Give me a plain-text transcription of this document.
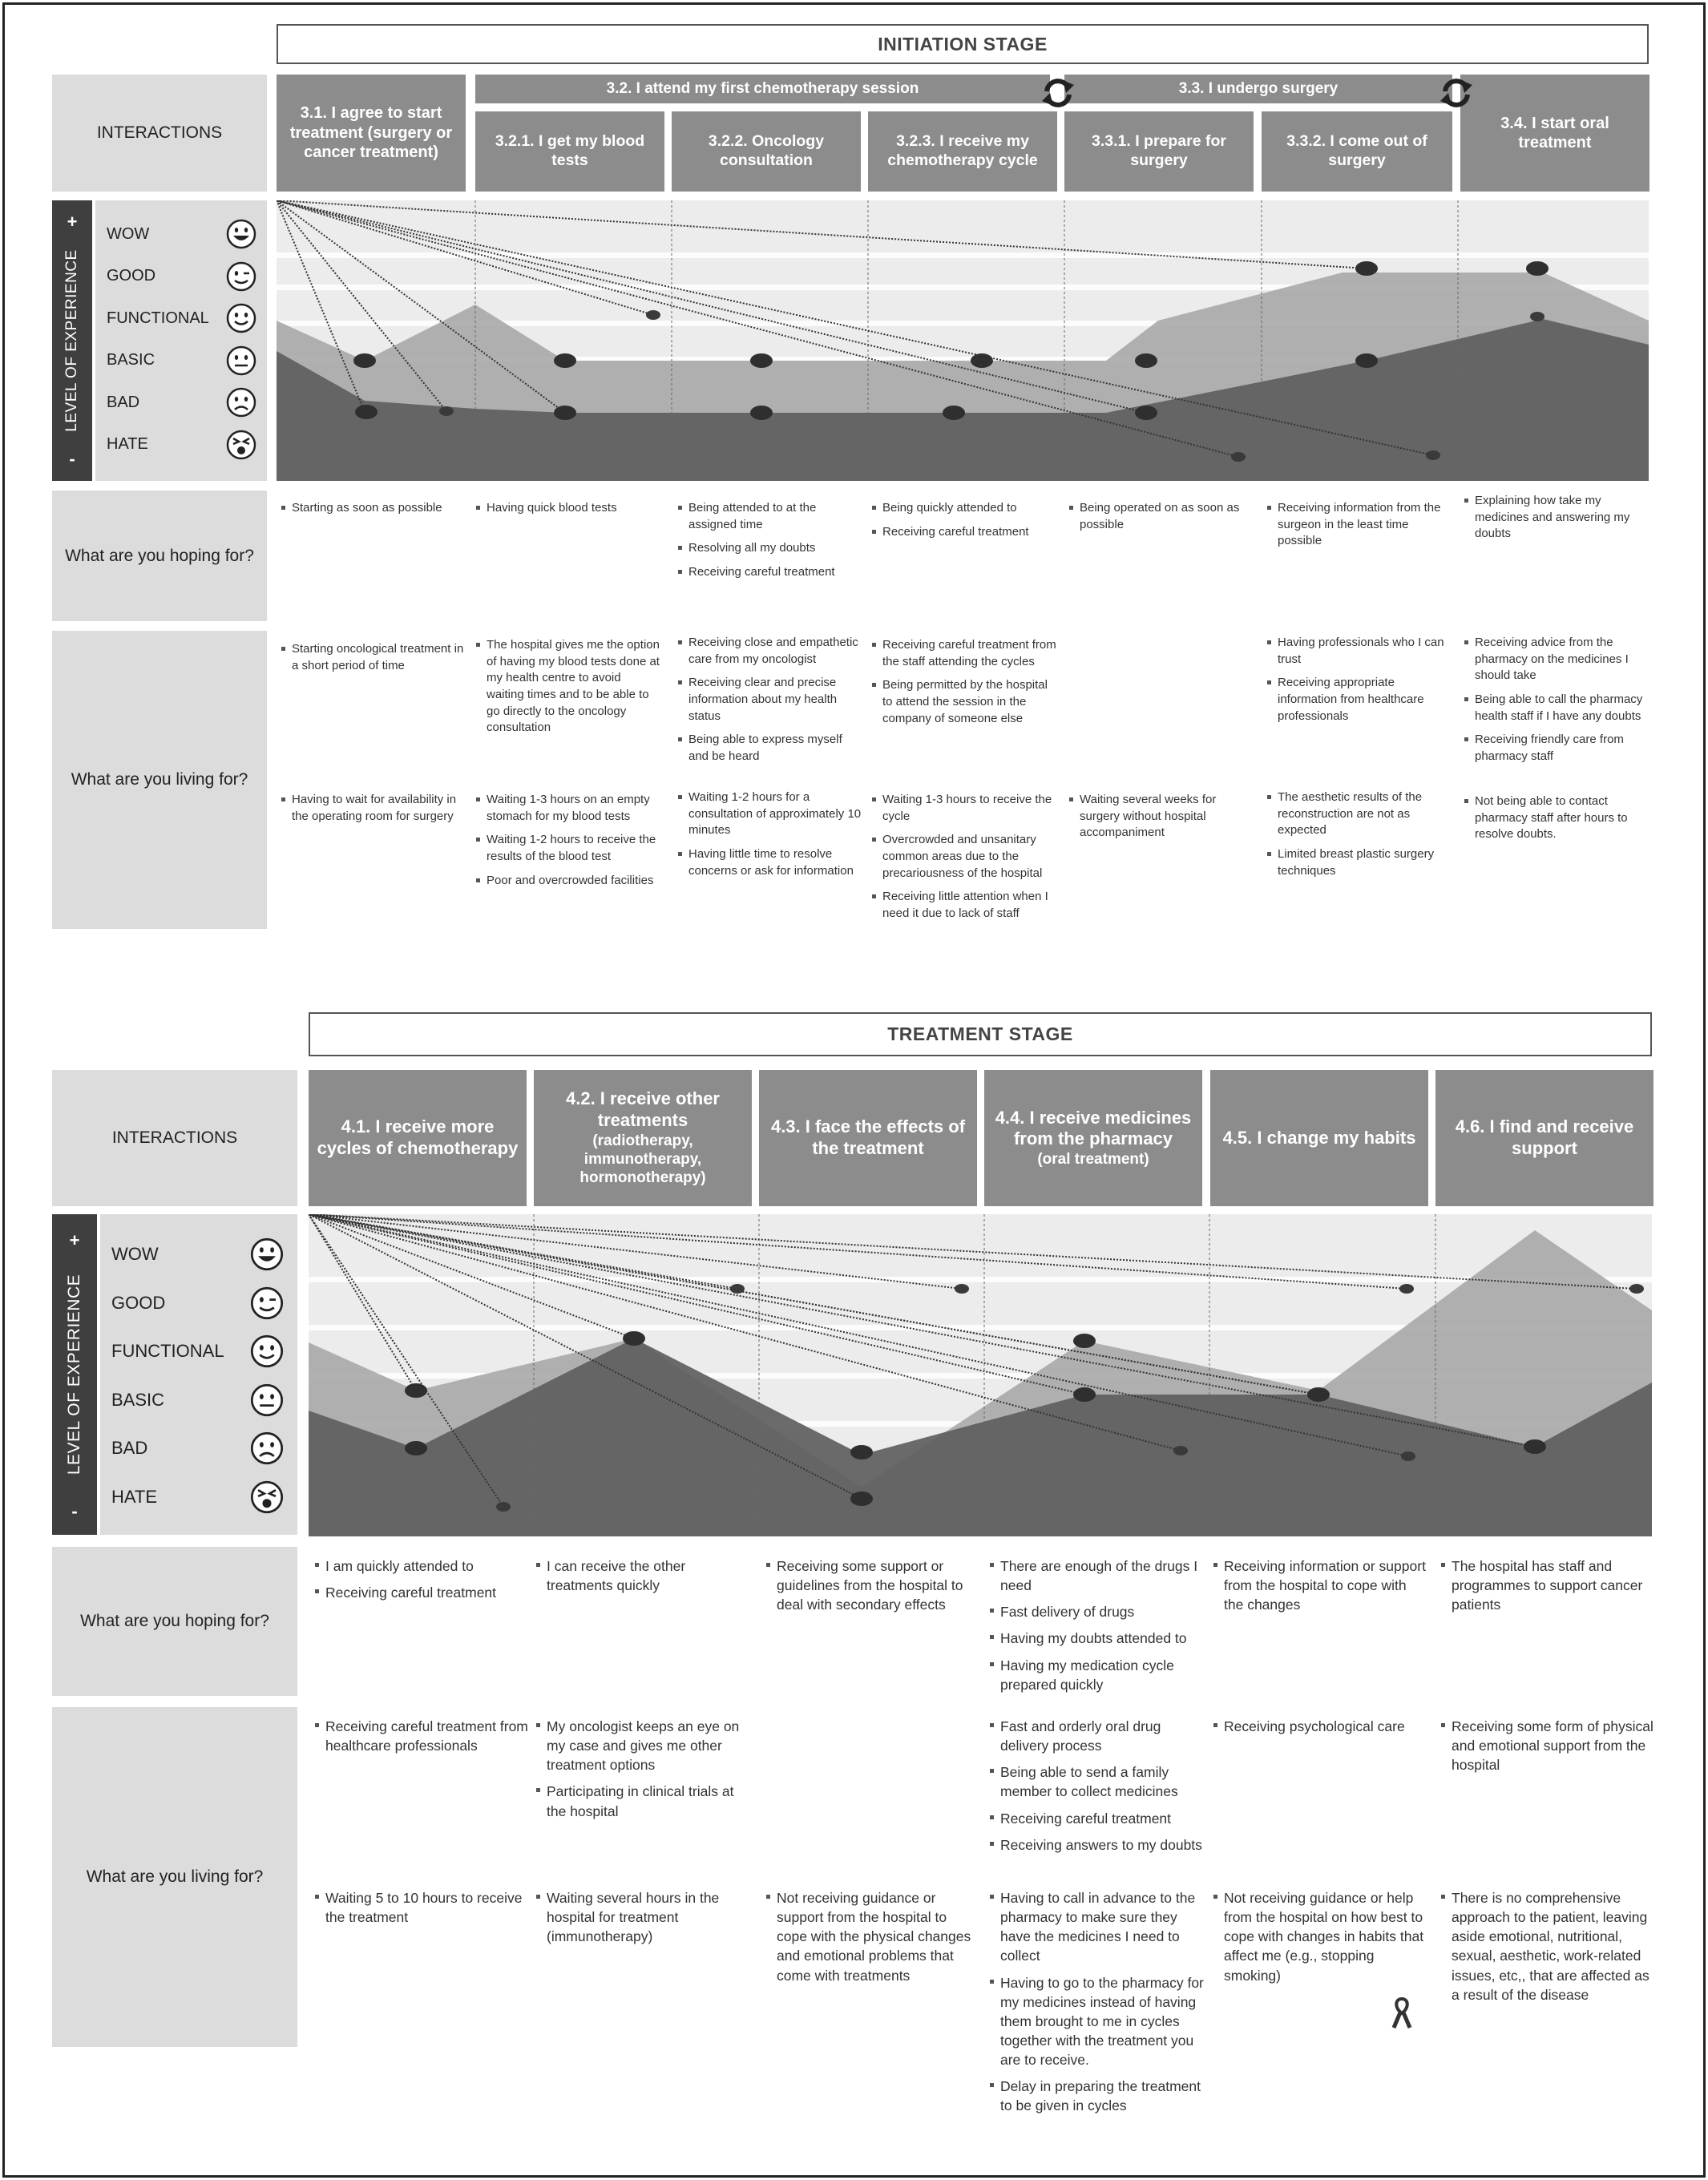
INITIATION STAGE
INTERACTIONS
3.2. I attend my first chemotherapy session	3.3. I undergo surgery
3.1. I agree to start treatment (surgery or cancer treatment)
3.2.1. I get my blood tests
3.2.2. Oncology consultation
3.2.3. I receive my chemotherapy cycle
3.3.1. I prepare for surgery
3.3.2. I come out of surgery
3.4. I start oral treatment
+
-
LEVEL OF EXPERIENCE
WOW
GOOD
FUNCTIONAL
BASIC
BAD
HATE
What are you hoping for?
What are you living for?
Starting as soon as possible
Starting oncological treatment in a short period of time
Having to wait for availability in the operating room for surgery
Having quick blood tests
The hospital gives me the option of having my blood tests done at my health centre to avoid waiting times and to be able to go directly to the oncology consultation
Waiting 1-3 hours on an empty stomach for my blood tests
Waiting 1-2 hours to receive the results of the blood test
Poor and overcrowded facilities
Being attended to at the assigned time
Resolving all my doubts
Receiving careful treatment
Receiving close and empathetic care from my oncologist
Receiving clear and precise information about my health status
Being able to express myself and be heard
Waiting 1-2 hours for a consultation of approximately 10 minutes
Having little time to resolve concerns or ask for information
Being quickly attended to
Receiving careful treatment
Receiving careful treatment from the staff attending the cycles
Being permitted by the hospital to attend the session in the company of someone else
Waiting 1-3 hours to receive the cycle
Overcrowded and unsanitary common areas due to the precariousness of the hospital
Receiving little attention when I need it due to lack of staff
Being operated on as soon as possible
Waiting several weeks for surgery without hospital accompaniment
Receiving information from the surgeon in the least time possible
Having professionals who I can trust
Receiving appropriate information from healthcare professionals
The aesthetic results of the reconstruction are not as expected
Limited breast plastic surgery techniques
Explaining how take my medicines and answering my doubts
Receiving advice from the pharmacy on the medicines I should take
Being able to call the pharmacy health staff if I have any doubts
Receiving friendly care from pharmacy staff
Not being able to contact pharmacy staff after hours to resolve doubts.
TREATMENT STAGE
INTERACTIONS
4.1. I receive more cycles of chemotherapy
4.2. I receive other treatments
(radiotherapy, immunotherapy, hormonotherapy)
4.3. I face the effects of the treatment
4.4. I receive medicines from the pharmacy
(oral treatment)
4.5. I change my habits
4.6. I find and receive support
+
-
LEVEL OF EXPERIENCE
WOW
GOOD
FUNCTIONAL
BASIC
BAD
HATE
What are you hoping for?
What are you living for?
I am quickly attended to
Receiving careful treatment
Receiving careful treatment from healthcare professionals
Waiting 5 to 10 hours to receive the treatment
I can receive the other treatments quickly
My oncologist keeps an eye on my case and gives me other treatment options
Participating in clinical trials at the hospital
Waiting several hours in the hospital for treatment (immunotherapy)
Receiving some support or guidelines from the hospital to deal with secondary effects
Not receiving guidance or support from the hospital to cope with the physical changes and emotional problems that come with treatments
There are enough of the drugs I need
Fast delivery of drugs
Having my doubts attended to
Having my medication cycle prepared quickly
Fast and orderly oral drug delivery process
Being able to send a family member to collect medicines
Receiving careful treatment
Receiving answers to my doubts
Having to call in advance to the pharmacy to make sure they have the medicines I need to collect
Having to go to the pharmacy for my medicines instead of having them brought to me in cycles together with the treatment you are to receive.
Delay in preparing the treatment to be given in cycles
Receiving information or support from the hospital to cope with the changes
Receiving psychological care
Not receiving guidance or help from the hospital on how best to cope with changes in habits that affect me (e.g., stopping smoking)
The hospital has staff and programmes to support cancer patients
Receiving some form of physical and emotional support from the hospital
There is no comprehensive approach to the patient, leaving aside emotional, nutritional, sexual, aesthetic, work-related issues, etc,, that are affected as a result of the disease
